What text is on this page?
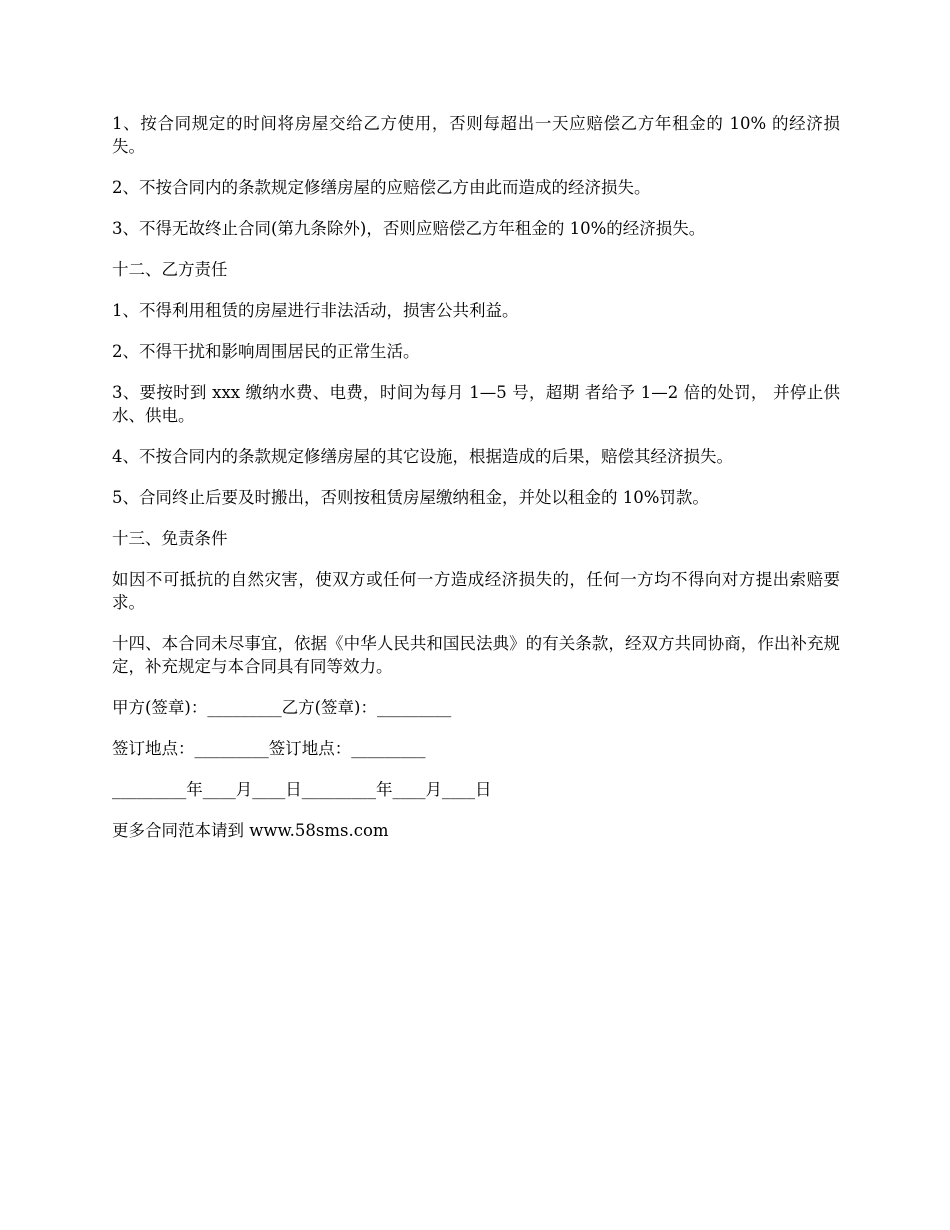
1、按合同规定的时间将房屋交给乙方使用，否则每超出一天应赔偿乙方年租金的 10% 的经济损失。

2、不按合同内的条款规定修缮房屋的应赔偿乙方由此而造成的经济损失。

3、不得无故终止合同(第九条除外)，否则应赔偿乙方年租金的 10%的经济损失。

十二、乙方责任

1、不得利用租赁的房屋进行非法活动，损害公共利益。

2、不得干扰和影响周围居民的正常生活。

3、要按时到 xxx 缴纳水费、电费，时间为每月 1—5 号，超期 者给予 1—2 倍的处罚， 并停止供水、供电。

4、不按合同内的条款规定修缮房屋的其它设施，根据造成的后果，赔偿其经济损失。

5、合同终止后要及时搬出，否则按租赁房屋缴纳租金，并处以租金的 10%罚款。

十三、免责条件

如因不可抵抗的自然灾害，使双方或任何一方造成经济损失的，任何一方均不得向对方提出索赔要求。

十四、本合同未尽事宜，依据《中华人民共和国民法典》的有关条款，经双方共同协商，作出补充规定，补充规定与本合同具有同等效力。

甲方(签章)：_________乙方(签章)：_________

签订地点：_________签订地点：_________

_________年____月____日_________年____月____日

更多合同范本请到 www.58sms.com
